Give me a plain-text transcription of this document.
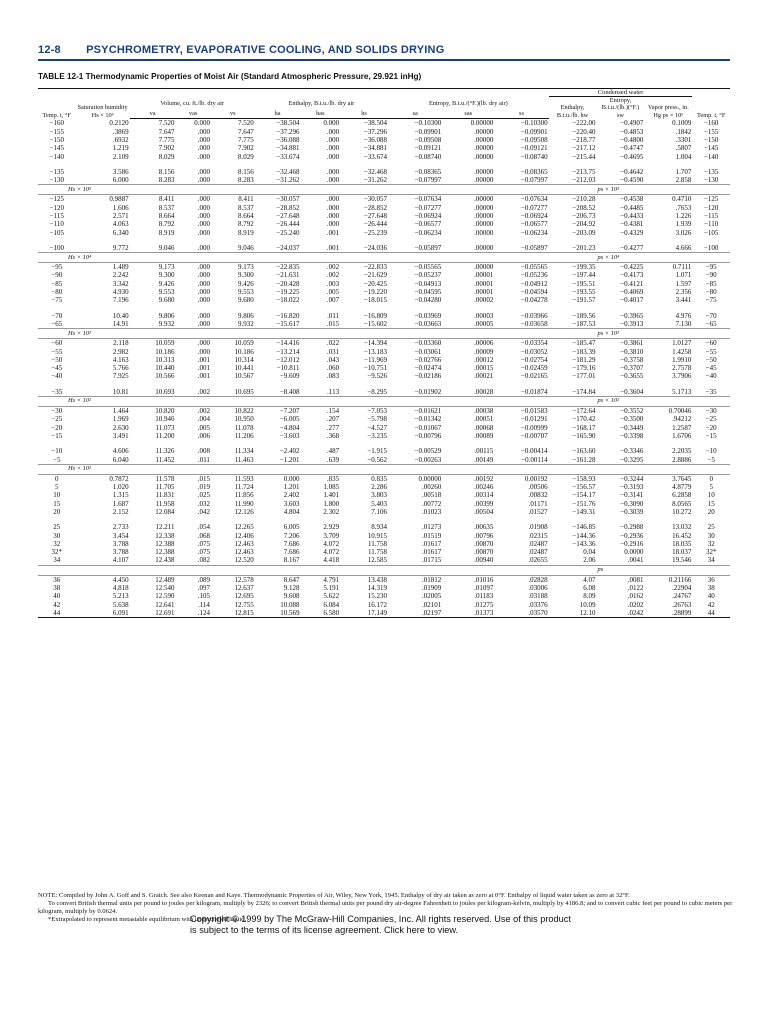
12-8 PSYCHROMETRY, EVAPORATIVE COOLING, AND SOLIDS DRYING
TABLE 12-1 Thermodynamic Properties of Moist Air (Standard Atmospheric Pressure, 29.921 inHg)
											Condensed water			
Temp. t, °F	Saturation humidity Hs × 10³	Volume, cu. ft./lb. dry air			Enthalpy, B.t.u./lb. dry air			Entropy, B.t.u./(°F.)(lb. dry air)			Enthalpy, B.t.u./lb. hw	Entropy, B.t.u./(lb.)(°F.) sw	Vapor press., in. Hg ps × 10⁶	Temp. t, °F
		va	vas	vs	ha	has	hs	sa	sas	ss				
−160	0.2120	7.520	0.000	7.520	−38.504	0.000	−38.504	−0.10300	0.00000	−0.10300	−222.00	−0.4907	0.1009	−160
−155	.3869	7.647	.000	7.647	−37.296	.000	−37.296	−0.09901	.00000	−0.09901	−220.40	−0.4853	.1842	−155
−150	.6932	7.775	.000	7.775	−36.088	.000	−36.088	−0.09508	.00000	−0.09508	−218.77	−0.4800	.3301	−150
−145	1.219	7.902	.000	7.902	−34.881	.000	−34.881	−0.09121	.00000	−0.09121	−217.12	−0.4747	.5807	−145
−140	2.109	8.029	.000	8.029	−33.674	.000	−33.674	−0.08740	.00000	−0.08740	−215.44	−0.4695	1.004	−140

−135	3.586	8.156	.000	8.156	−32.468	.000	−32.468	−0.08365	.00000	−0.08365	−213.75	−0.4642	1.707	−135
−130	6.000	8.283	.000	8.283	−31.262	.000	−31.262	−0.07997	.00000	−0.07997	−212.03	−0.4590	2.858	−130
Hs × 10⁵												ps × 10⁵		
−125	0.9887	8.411	.000	8.411	−30.057	.000	−30.057	−0.07634	.00000	−0.07634	−210.28	−0.4538	0.4710	−125
−120	1.606	8.537	.000	8.537	−28.852	.000	−28.852	−0.07277	.00000	−0.07277	−208.52	−0.4485	.7653	−120
−115	2.571	8.664	.000	8.664	−27.648	.000	−27.648	−0.06924	.00000	−0.06924	−206.73	−0.4433	1.226	−115
−110	4.063	8.792	.000	8.792	−26.444	.000	−26.444	−0.06577	.00000	−0.06577	−204.92	−0.4381	1.939	−110
−105	6.340	8.919	.000	8.919	−25.240	.001	−25.239	−0.06234	.00000	−0.06234	−203.09	−0.4329	3.026	−105

−100	9.772	9.046	.000	9.046	−24.037	.001	−24.036	−0.05897	.00000	−0.05897	−201.23	−0.4277	4.666	−100
Hs × 10⁴												ps × 10⁴		
−95	1.489	9.173	.000	9.173	−22.835	.002	−22.833	−0.05565	.00000	−0.05565	−199.35	−0.4225	0.7111	−95
−90	2.242	9.300	.000	9.300	−21.631	.002	−21.629	−0.05237	.00001	−0.05236	−197.44	−0.4173	1.071	−90
−85	3.342	9.426	.000	9.426	−20.428	.003	−20.425	−0.04913	.00001	−0.04912	−195.51	−0.4121	1.597	−85
−80	4.930	9.553	.000	9.553	−19.225	.005	−19.220	−0.04595	.00001	−0.04594	−193.55	−0.4069	2.356	−80
−75	7.196	9.680	.000	9.680	−18.022	.007	−18.015	−0.04280	.00002	−0.04278	−191.57	−0.4017	3.441	−75

−70	10.40	9.806	.000	9.806	−16.820	.011	−16.809	−0.03969	.00003	−0.03966	−189.56	−0.3965	4.976	−70
−65	14.91	9.932	.000	9.932	−15.617	.015	−15.602	−0.03663	.00005	−0.03658	−187.53	−0.3913	7.130	−65
Hs × 10³												ps × 10³		
−60	2.118	10.059	.000	10.059	−14.416	.022	−14.394	−0.03360	.00006	−0.03354	−185.47	−0.3861	1.0127	−60
−55	2.982	10.186	.000	10.186	−13.214	.031	−13.183	−0.03061	.00009	−0.03052	−183.39	−0.3810	1.4258	−55
−50	4.163	10.313	.001	10.314	−12.012	.043	−11.969	−0.02766	.00012	−0.02754	−181.29	−0.3758	1.9910	−50
−45	5.766	10.440	.001	10.441	−10.811	.060	−10.751	−0.02474	.00015	−0.02459	−179.16	−0.3707	2.7578	−45
−40	7.925	10.566	.001	10.567	−9.609	.083	−9.526	−0.02186	.00021	−0.02165	−177.01	−0.3655	3.7906	−40

−35	10.81	10.693	.002	10.695	−8.408	.113	−8.295	−0.01902	.00028	−0.01874	−174.84	−0.3604	5.1713	−35
Hs × 10²												ps × 10²		
−30	1.464	10.820	.002	10.822	−7.207	.154	−7.053	−0.01621	.00038	−0.01583	−172.64	−0.3552	0.70046	−30
−25	1.969	10.946	.004	10.950	−6.005	.207	−5.798	−0.01342	.00051	−0.01291	−170.42	−0.3500	.94212	−25
−20	2.630	11.073	.005	11.078	−4.804	.277	−4.527	−0.01067	.00068	−0.00999	−168.17	−0.3449	1.2587	−20
−15	3.491	11.200	.006	11.206	−3.603	.368	−3.235	−0.00796	.00089	−0.00707	−165.90	−0.3398	1.6706	−15

−10	4.606	11.326	.008	11.334	−2.402	.487	−1.915	−0.00529	.00115	−0.00414	−163.60	−0.3346	2.2035	−10
−5	6.040	11.452	.011	11.463	−1.201	.639	−0.562	−0.00263	.00149	−0.00114	−161.28	−0.3295	2.8886	−5
Hs × 10²														
0	0.7872	11.578	.015	11.593	0.000	.835	0.835	0.00000	.00192	0.00192	−158.93	−0.3244	3.7645	0
5	1.020	11.705	.019	11.724	1.201	1.085	2.286	.00260	.00246	.00506	−156.57	−0.3193	4.8779	5
10	1.315	11.831	.025	11.856	2.402	1.401	3.803	.00518	.00314	.00832	−154.17	−0.3141	6.2858	10
15	1.687	11.958	.032	11.990	3.603	1.800	5.403	.00772	.00399	.01171	−151.76	−0.3090	8.0565	15
20	2.152	12.084	.042	12.126	4.804	2.302	7.106	.01023	.00504	.01527	−149.31	−0.3039	10.272	20

25	2.733	12.211	.054	12.265	6.005	2.929	8.934	.01273	.00635	.01908	−146.85	−0.2988	13.032	25
30	3.454	12.338	.068	12.406	7.206	3.709	10.915	.01519	.00796	.02315	−144.36	−0.2936	16.452	30
32	3.788	12.388	.075	12.463	7.686	4.072	11.758	.01617	.00870	.02487	−143.36	−0.2916	18.035	32
32*	3.788	12.388	.075	12.463	7.686	4.072	11.758	.01617	.00870	.02487	0.04	0.0000	18.037	32*
34	4.107	12.438	.082	12.520	8.167	4.418	12.585	.01715	.00940	.02655	2.06	.0041	19.546	34
												ps		
36	4.450	12.489	.089	12.578	8.647	4.791	13.438	.01812	.01016	.02828	4.07	.0081	0.21166	36
38	4.818	12.540	.097	12.637	9.128	5.191	14.319	.01909	.01097	.03006	6.08	.0122	.22904	38
40	5.213	12.590	.105	12.695	9.608	5.622	15.230	.02005	.01183	.03188	8.09	.0162	.24767	40
42	5.638	12.641	.114	12.755	10.088	6.084	16.172	.02101	.01275	.03376	10.09	.0202	.26763	42
44	6.091	12.691	.124	12.815	10.569	6.580	17.149	.02197	.01373	.03570	12.10	.0242	.28899	44

NOTE: Compiled by John A. Goff and S. Gratch. See also Keenan and Kaye. Thermodynamic Properties of Air, Wiley, New York, 1945. Enthalpy of dry air taken as zero at 0°F. Enthalpy of liquid water taken as zero at 32°F.

To convert British thermal units per pound to joules per kilogram, multiply by 2326; to convert British thermal units per pound dry air-degree Fahrenheit to joules per kilogram-kelvin, multiply by 4186.8; and to convert cubic feet per pound to cubic meters per kilogram, multiply by 0.0624.

*Extrapolated to represent metastable equilibrium with undercooled liquid.

Copyright © 1999 by The McGraw-Hill Companies, Inc. All rights reserved. Use of this product is subject to the terms of its license agreement. Click here to view.
